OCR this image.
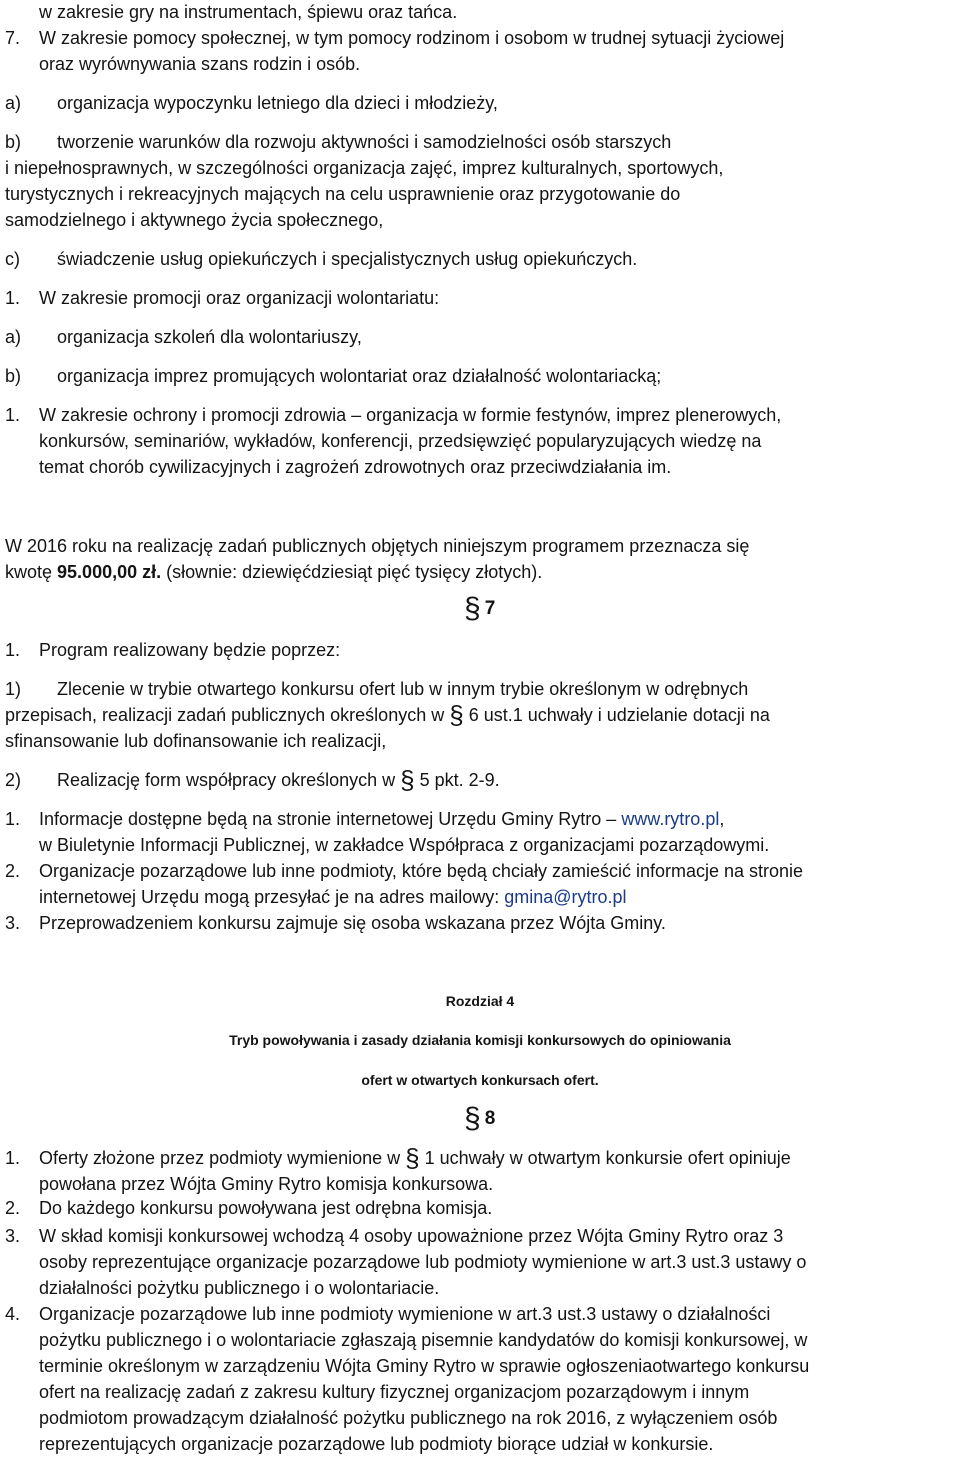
w zakresie gry na instrumentach, śpiewu oraz tańca.
7. W zakresie pomocy społecznej, w tym pomocy rodzinom i osobom w trudnej sytuacji życiowej
oraz wyrównywania szans rodzin i osób.
a) organizacja wypoczynku letniego dla dzieci i młodzieży,
b) tworzenie warunków dla rozwoju aktywności i samodzielności osób starszych
i niepełnosprawnych, w szczególności organizacja zajęć, imprez kulturalnych, sportowych,
turystycznych i rekreacyjnych mających na celu usprawnienie oraz przygotowanie do
samodzielnego i aktywnego życia społecznego,
c) świadczenie usług opiekuńczych i specjalistycznych usług opiekuńczych.
1. W zakresie promocji oraz organizacji wolontariatu:
a) organizacja szkoleń dla wolontariuszy,
b) organizacja imprez promujących wolontariat oraz działalność wolontariacką;
1. W zakresie ochrony i promocji zdrowia – organizacja w formie festynów, imprez plenerowych,
konkursów, seminariów, wykładów, konferencji, przedsięwzięć popularyzujących wiedzę na
temat chorób cywilizacyjnych i zagrożeń zdrowotnych oraz przeciwdziałania im.
W 2016 roku na realizację zadań publicznych objętych niniejszym programem przeznacza się
kwotę 95.000,00 zł. (słownie: dziewięćdziesiąt pięć tysięcy złotych).
§ 7
1. Program realizowany będzie poprzez:
1) Zlecenie w trybie otwartego konkursu ofert lub w innym trybie określonym w odrębnych
przepisach, realizacji zadań publicznych określonych w § 6 ust.1 uchwały i udzielanie dotacji na
sfinansowanie lub dofinansowanie ich realizacji,
2) Realizację form współpracy określonych w § 5 pkt. 2-9.
1. Informacje dostępne będą na stronie internetowej Urzędu Gminy Rytro – www.rytro.pl,
w Biuletynie Informacji Publicznej, w zakładce Współpraca z organizacjami pozarządowymi.
2. Organizacje pozarządowe lub inne podmioty, które będą chciały zamieścić informacje na stronie
internetowej Urzędu mogą przesyłać je na adres mailowy: gmina@rytro.pl
3. Przeprowadzeniem konkursu zajmuje się osoba wskazana przez Wójta Gminy.
Rozdział 4
Tryb powoływania i zasady działania komisji konkursowych do opiniowania
ofert w otwartych konkursach ofert.
§ 8
1. Oferty złożone przez podmioty wymienione w § 1 uchwały w otwartym konkursie ofert opiniuje
powołana przez Wójta Gminy Rytro komisja konkursowa.
2. Do każdego konkursu powoływana jest odrębna komisja.
3. W skład komisji konkursowej wchodzą 4 osoby upoważnione przez Wójta Gminy Rytro oraz 3
osoby reprezentujące organizacje pozarządowe lub podmioty wymienione w art.3 ust.3 ustawy o
działalności pożytku publicznego i o wolontariacie.
4. Organizacje pozarządowe lub inne podmioty wymienione w art.3 ust.3 ustawy o działalności
pożytku publicznego i o wolontariacie zgłaszają pisemnie kandydatów do komisji konkursowej, w
terminie określonym w zarządzeniu Wójta Gminy Rytro w sprawie ogłoszeniaotwartego konkursu
ofert na realizację zadań z zakresu kultury fizycznej organizacjom pozarządowym i innym
podmiotom prowadzącym działalność pożytku publicznego na rok 2016, z wyłączeniem osób
reprezentujących organizacje pozarządowe lub podmioty biorące udział w konkursie.
